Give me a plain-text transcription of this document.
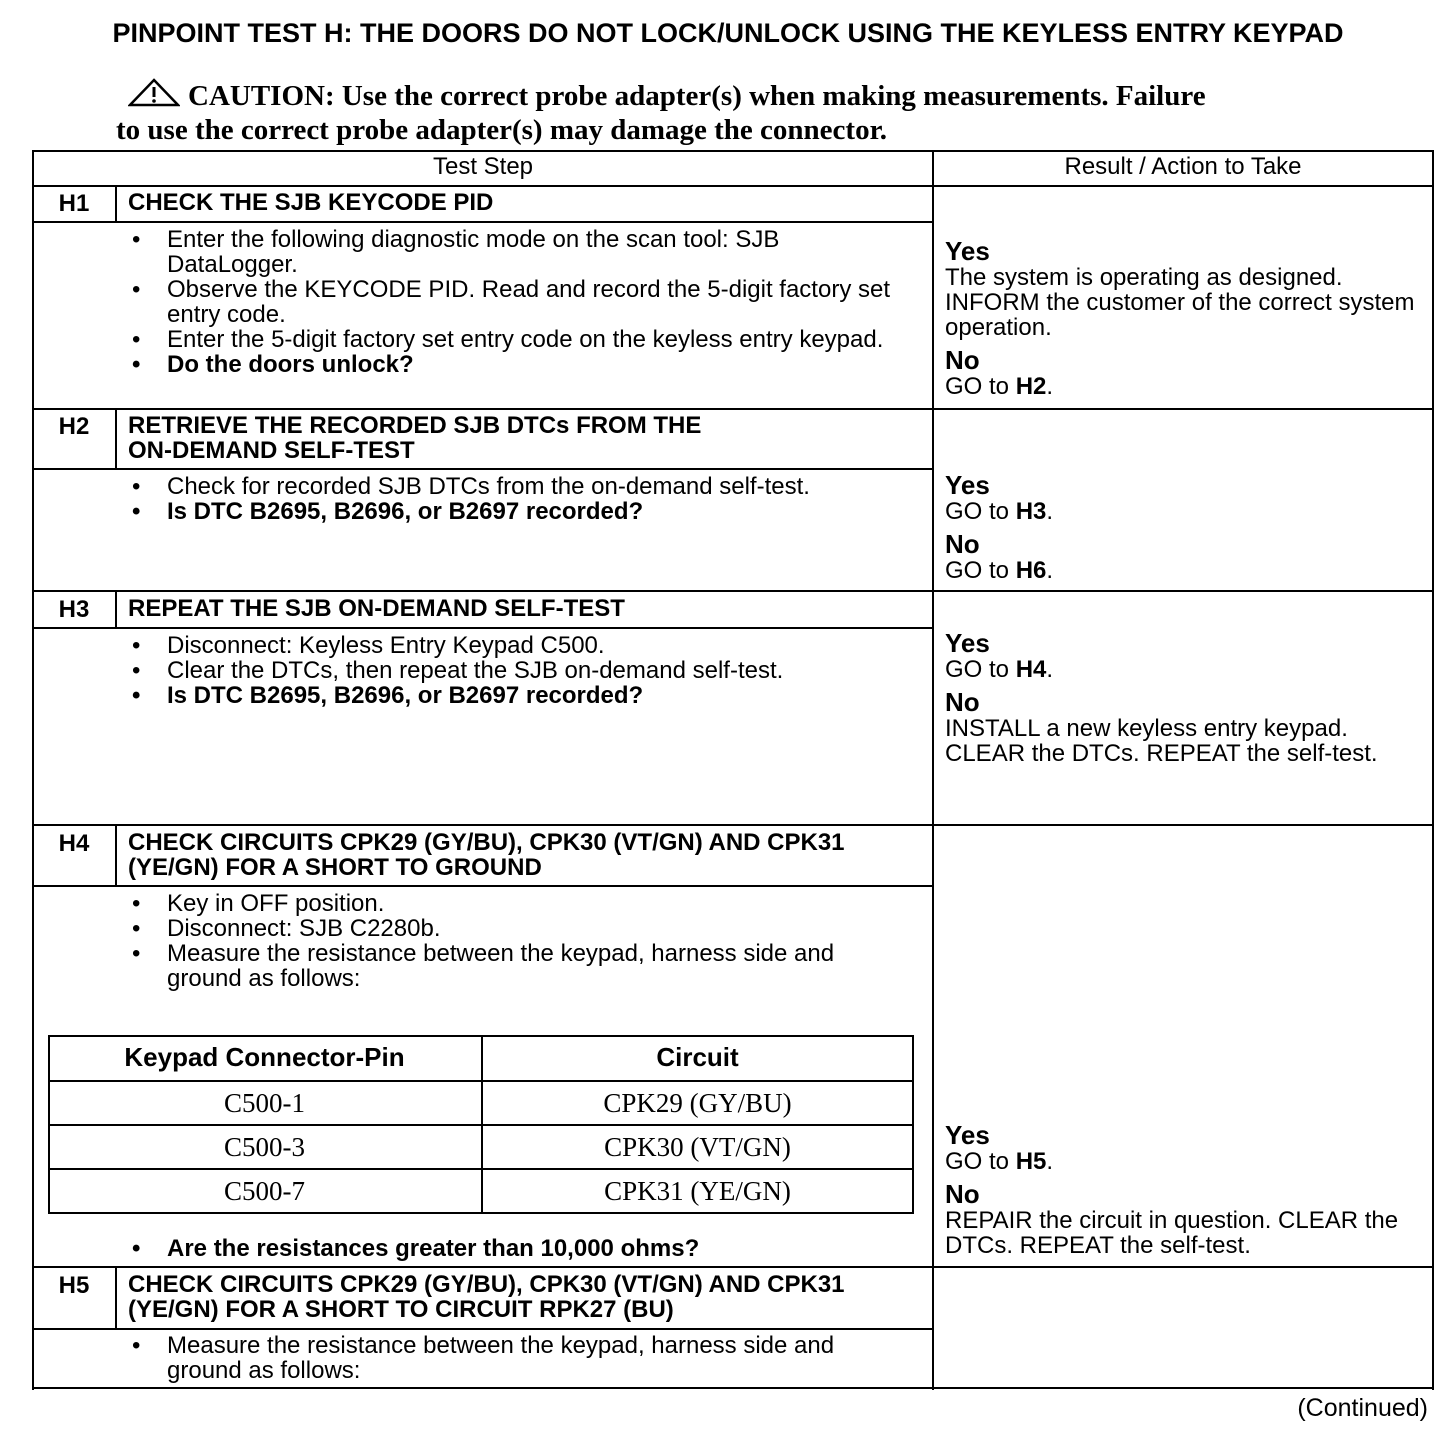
PINPOINT TEST H: THE DOORS DO NOT LOCK/UNLOCK USING THE KEYLESS ENTRY KEYPAD
CAUTION: Use the correct probe adapter(s) when making measurements. Failure
to use the correct probe adapter(s) may damage the connector.
Test Step	Result / Action to Take
H1	CHECK THE SJB KEYCODE PID
• Enter the following diagnostic mode on the scan tool: SJB DataLogger.
• Observe the KEYCODE PID. Read and record the 5-digit factory set entry code.
• Enter the 5-digit factory set entry code on the keyless entry keypad.
• Do the doors unlock?
Yes
The system is operating as designed. INFORM the customer of the correct system operation.
No
GO to H2.
H2	RETRIEVE THE RECORDED SJB DTCs FROM THE
ON-DEMAND SELF-TEST
• Check for recorded SJB DTCs from the on-demand self-test.
• Is DTC B2695, B2696, or B2697 recorded?
Yes
GO to H3.
No
GO to H6.
H3	REPEAT THE SJB ON-DEMAND SELF-TEST
• Disconnect: Keyless Entry Keypad C500.
• Clear the DTCs, then repeat the SJB on-demand self-test.
• Is DTC B2695, B2696, or B2697 recorded?
Yes
GO to H4.
No
INSTALL a new keyless entry keypad. CLEAR the DTCs. REPEAT the self-test.
H4	CHECK CIRCUITS CPK29 (GY/BU), CPK30 (VT/GN) AND CPK31
(YE/GN) FOR A SHORT TO GROUND
• Key in OFF position.
• Disconnect: SJB C2280b.
• Measure the resistance between the keypad, harness side and ground as follows:
Keypad Connector-Pin	Circuit
C500-1	CPK29 (GY/BU)
C500-3	CPK30 (VT/GN)
C500-7	CPK31 (YE/GN)
• Are the resistances greater than 10,000 ohms?
Yes
GO to H5.
No
REPAIR the circuit in question. CLEAR the DTCs. REPEAT the self-test.
H5	CHECK CIRCUITS CPK29 (GY/BU), CPK30 (VT/GN) AND CPK31
(YE/GN) FOR A SHORT TO CIRCUIT RPK27 (BU)
• Measure the resistance between the keypad, harness side and ground as follows:
(Continued)
